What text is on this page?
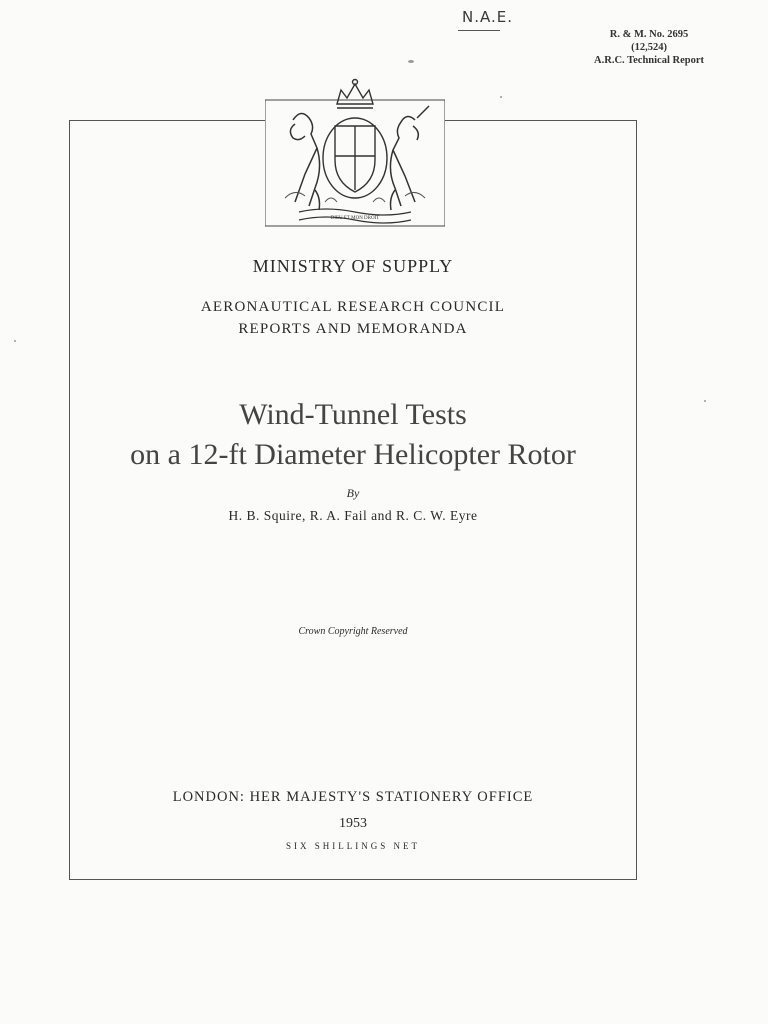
N.A.E.
R. & M. No. 2695
(12,524)
A.R.C. Technical Report
DIEU ET MON DROIT
MINISTRY OF SUPPLY
AERONAUTICAL RESEARCH COUNCIL
REPORTS AND MEMORANDA
Wind-Tunnel Tests
on a 12-ft Diameter Helicopter Rotor
By
H. B. Squire, R. A. Fail and R. C. W. Eyre
Crown Copyright Reserved
LONDON: HER MAJESTY'S STATIONERY OFFICE
1953
SIX SHILLINGS NET
